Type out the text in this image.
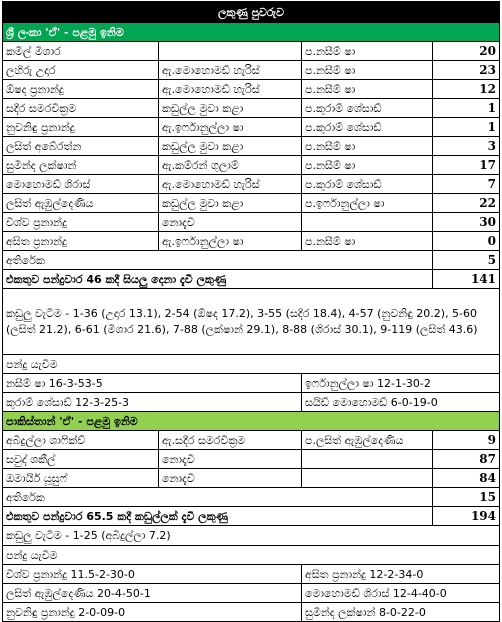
ලකුණු පුවරුව			
ශ්‍රී ලංකා 'ඒ' - පළමු ඉනිම			
කමිල් මිශාර		ප.නසීම් ෂා	20
ලහිරු උදාර	ඇ.මොහොමඩ් හැරිස්	ප.නසීම් ෂා	23
ඕෂද ප්‍රනාන්දු	ඇ.මොහොමඩ් හැරිස්	ප.නසීම් ෂා	12
සදීර සමරවික්‍රම	කඩුල්ල මුවා කළා	ප.කුරාම් ශේසාඩ්	1
නුවනිඳු ප්‍රනාන්දු	ඇ.ඉර්ෆානුල්ලා ෂා	ප.කුරාම් ශේසාඩ්	1
ලසිත් අබේරත්න	කඩුල්ල මුවා කළා	ප.නසීම් ෂා	3
සුමින්ද ලක්ෂාන්	ඇ.කම්රන් ගුලාම්	ප.නසීම් ෂා	17
මොහොමඩ් ශිරාස්	ඇ.මොහොමඩ් හැරිස්	ප.කුරාම් ශේසාඩ්	7
ලසිත් ඇඹුල්දෙණිය	කඩුල්ල මුවා කළා	ප.ඉර්ෆානුල්ලා ෂා	22
විශ්ව ප්‍රනාන්දු	නොදැවී		30
අසිත ප්‍රනාන්දු	ඇ.ඉර්ෆානුල්ලා ෂා	ප.නසීම් ෂා	0
අතිරේක			5
එකතුව පන්දුවාර 46 කදී සියලු දෙනා දැවී ලකුණු			141
කඩුලු වැටීම - 1-36 (උදාර 13.1), 2-54 (ඕෂද 17.2), 3-55 (සදීර 18.4), 4-57 (නුවනිඳු 20.2), 5-60 (ලසිත් 21.2), 6-61 (මිශාර 21.6), 7-88 (ලක්ෂාන් 29.1), 8-88 (ශිරාස් 30.1), 9-119 (ලසිත් 43.6)			
පන්දු යැවීම			
නසීම් ෂා 16-3-53-5		ඉර්ෆානුල්ලා ෂා 12-1-30-2	
කුරාම් ශේසාඩ් 12-3-25-3		සයිඩ් මොහොමඩ් 6-0-19-0	
පාකිස්තාන් 'ඒ' - පළමු ඉනිම			
අබිදුල්ලා ශාෆික්ව්	ඇ.සදීර සමරවික්‍රම	ප.ලසිත් ඇඹුල්දෙණිය	9
සවුද් ශකීල්	නොදැවී		87
ඔමායිර් යූසුෆ්	නොදැවී		84
අතිරේක			15
එකතුව පන්දුවාර 65.5 කදී කඩුල්ලක් දැවී ලකුණු			194
කඩුලු වැටීම - 1-25 (අබිදුල්ලා 7.2)			
පන්දු යැවීම			
විශ්ව ප්‍රනාන්දු 11.5-2-30-0		අසිත ප්‍රනාන්දු 12-2-34-0	
ලසිත් ඇඹුල්දෙණිය 20-4-50-1		මොහොමඩ් ශිරාස් 12-4-40-0	
නුවනිඳු ප්‍රනාන්දු 2-0-09-0		සුමින්ද ලක්ෂාන් 8-0-22-0	
